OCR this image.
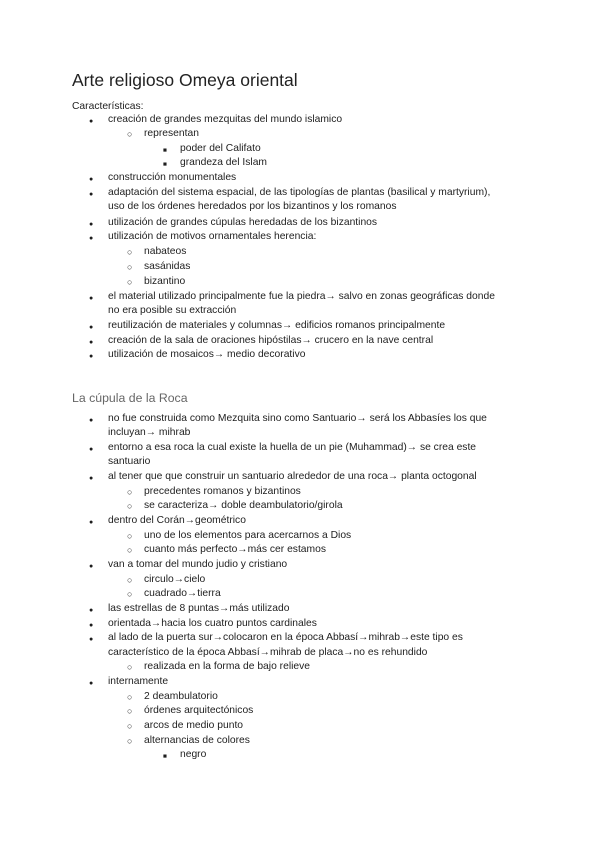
Arte religioso Omeya oriental
Características:
●
creación de grandes mezquitas del mundo islamico
○
representan
■
poder del Califato
■
grandeza del Islam
●
construcción monumentales
●
adaptación del sistema espacial, de las tipologías de plantas (basilical y martyrium),
uso de los órdenes heredados por los bizantinos y los romanos
●
utilización de grandes cúpulas heredadas de los bizantinos
●
utilización de motivos ornamentales herencia:
○
nabateos
○
sasánidas
○
bizantino
●
el material utilizado principalmente fue la piedra→ salvo en zonas geográficas donde
no era posible su extracción
●
reutilización de materiales y columnas→ edificios romanos principalmente
●
creación de la sala de oraciones hipóstilas→ crucero en la nave central
●
utilización de mosaicos→ medio decorativo
La cúpula de la Roca
●
no fue construida como Mezquita sino como Santuario→ será los Abbasíes los que
incluyan→ mihrab
●
entorno a esa roca la cual existe la huella de un pie (Muhammad)→ se crea este
santuario
●
al tener que que construir un santuario alrededor de una roca→ planta octogonal
○
precedentes romanos y bizantinos
○
se caracteriza→ doble deambulatorio/girola
●
dentro del Corán→geométrico
○
uno de los elementos para acercarnos a Dios
○
cuanto más perfecto→más cer estamos
●
van a tomar del mundo judio y cristiano
○
circulo→cielo
○
cuadrado→tierra
●
las estrellas de 8 puntas→más utilizado
●
orientada→hacia los cuatro puntos cardinales
●
al lado de la puerta sur→colocaron en la época Abbasí→mihrab→este tipo es
característico de la época Abbasí→mihrab de placa→no es rehundido
○
realizada en la forma de bajo relieve
●
internamente
○
2 deambulatorio
○
órdenes arquitectónicos
○
arcos de medio punto
○
alternancias de colores
■
negro
